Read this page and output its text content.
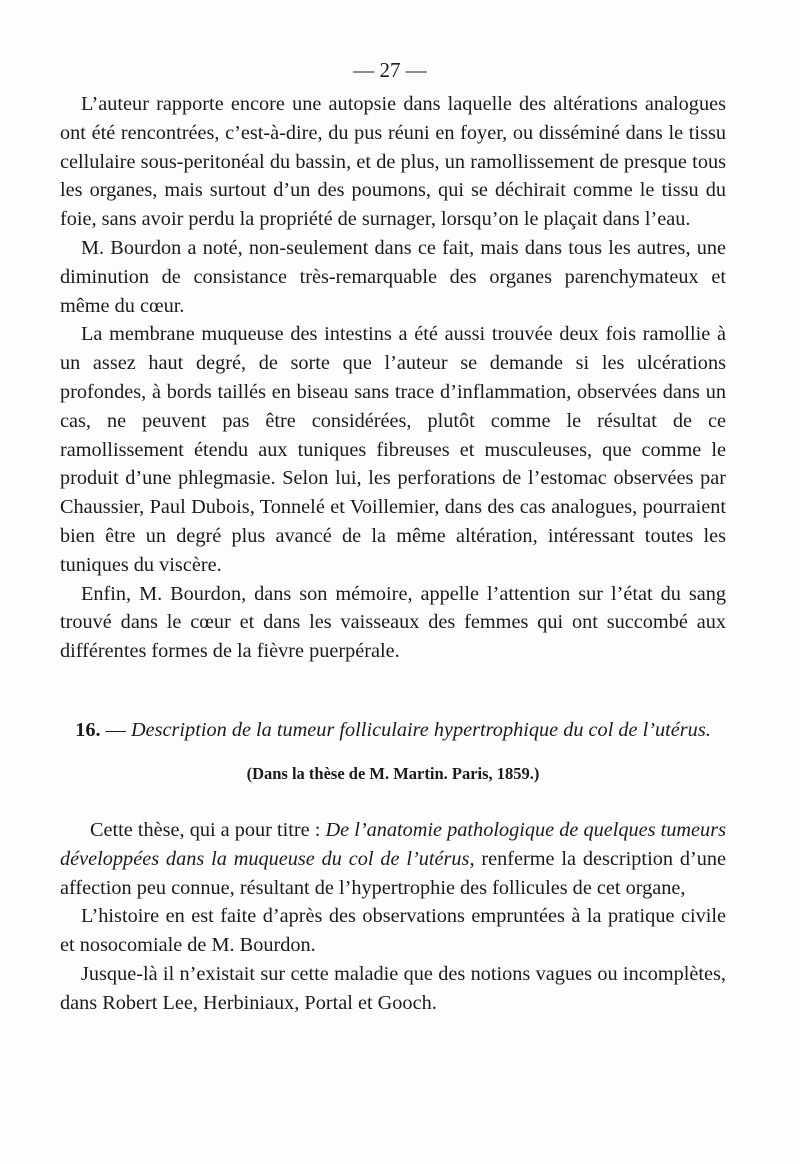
— 27 —

L’auteur rapporte encore une autopsie dans laquelle des altérations analogues ont été rencontrées, c’est-à-dire, du pus réuni en foyer, ou disséminé dans le tissu cellulaire sous-peritonéal du bassin, et de plus, un ramollissement de presque tous les organes, mais surtout d’un des poumons, qui se déchirait comme le tissu du foie, sans avoir perdu la propriété de surnager, lorsqu’on le plaçait dans l’eau.

M. Bourdon a noté, non-seulement dans ce fait, mais dans tous les autres, une diminution de consistance très-remarquable des organes parenchymateux et même du cœur.

La membrane muqueuse des intestins a été aussi trouvée deux fois ramollie à un assez haut degré, de sorte que l’auteur se demande si les ulcérations profondes, à bords taillés en biseau sans trace d’inflammation, observées dans un cas, ne peuvent pas être considérées, plutôt comme le résultat de ce ramollissement étendu aux tuniques fibreuses et musculeuses, que comme le produit d’une phlegmasie. Selon lui, les perforations de l’estomac observées par Chaussier, Paul Dubois, Tonnelé et Voillemier, dans des cas analogues, pourraient bien être un degré plus avancé de la même altération, intéressant toutes les tuniques du viscère.

Enfin, M. Bourdon, dans son mémoire, appelle l’attention sur l’état du sang trouvé dans le cœur et dans les vaisseaux des femmes qui ont succombé aux différentes formes de la fièvre puerpérale.

16. — Description de la tumeur folliculaire hypertrophique du col de l’utérus.
(Dans la thèse de M. Martin. Paris, 1859.)

Cette thèse, qui a pour titre : De l’anatomie pathologique de quelques tumeurs développées dans la muqueuse du col de l’utérus, renferme la description d’une affection peu connue, résultant de l’hypertrophie des follicules de cet organe,

L’histoire en est faite d’après des observations empruntées à la pratique civile et nosocomiale de M. Bourdon.

Jusque-là il n’existait sur cette maladie que des notions vagues ou incomplètes, dans Robert Lee, Herbiniaux, Portal et Gooch.
